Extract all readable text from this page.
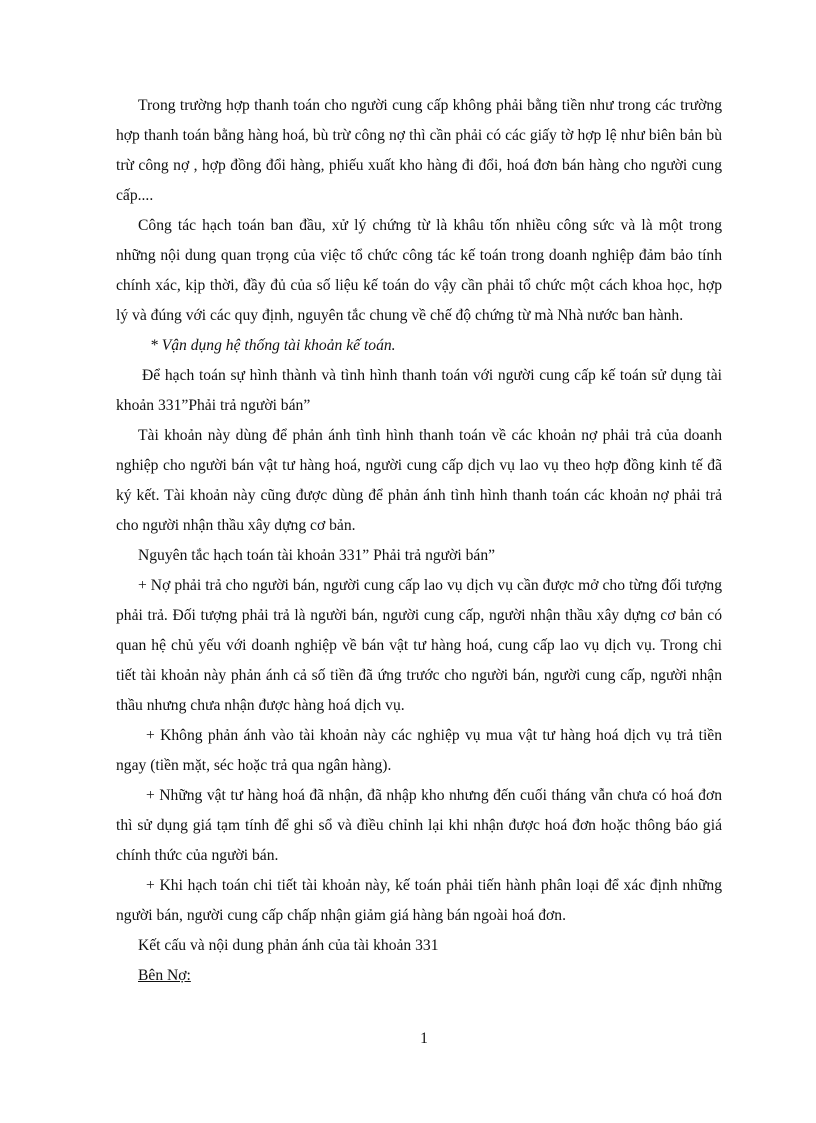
Trong trường hợp thanh toán cho người cung cấp không phải bằng tiền như trong các trường hợp thanh toán bằng hàng hoá, bù trừ công nợ thì cần phải có các giấy tờ hợp lệ như biên bản bù trừ công nợ , hợp đồng đổi hàng, phiếu xuất kho hàng đi đổi, hoá đơn bán hàng cho người cung cấp....

Công tác hạch toán ban đầu, xử lý chứng từ là khâu tốn nhiều công sức và là một trong những nội dung quan trọng của việc tổ chức công tác kế toán trong doanh nghiệp đảm bảo tính chính xác, kịp thời, đầy đủ của số liệu kế toán do vậy cần phải tổ chức một cách khoa học, hợp lý và đúng với các quy định, nguyên tắc chung về chế độ chứng từ mà Nhà nước ban hành.

* Vận dụng hệ thống tài khoản kế toán.

Để hạch toán sự hình thành và tình hình thanh toán với người cung cấp kế toán sử dụng tài khoản 331”Phải trả người bán”

Tài khoản này dùng để phản ánh tình hình thanh toán về các khoản nợ phải trả của doanh nghiệp cho người bán vật tư hàng hoá, người cung cấp dịch vụ lao vụ theo hợp đồng kinh tế đã ký kết. Tài khoản này cũng được dùng để phản ánh tình hình thanh toán các khoản nợ phải trả cho người nhận thầu xây dựng cơ bản.

Nguyên tắc hạch toán tài khoản 331” Phải trả người bán”

+ Nợ phải trả cho người bán, người cung cấp lao vụ dịch vụ cần được mở cho từng đối tượng phải trả. Đối tượng phải trả là người bán, người cung cấp, người nhận thầu xây dựng cơ bản có quan hệ chủ yếu với doanh nghiệp về bán vật tư hàng hoá, cung cấp lao vụ dịch vụ. Trong chi tiết tài khoản này phản ánh cả số tiền đã ứng trước cho người bán, người cung cấp, người nhận thầu nhưng chưa nhận được hàng hoá dịch vụ.

+ Không phản ánh vào tài khoản này các nghiệp vụ mua vật tư hàng hoá dịch vụ trả tiền ngay (tiền mặt, séc hoặc trả qua ngân hàng).

+ Những vật tư hàng hoá đã nhận, đã nhập kho nhưng đến cuối tháng vẫn chưa có hoá đơn thì sử dụng giá tạm tính để ghi sổ và điều chỉnh lại khi nhận được hoá đơn hoặc thông báo giá chính thức của người bán.

+ Khi hạch toán chi tiết tài khoản này, kế toán phải tiến hành phân loại để xác định những người bán, người cung cấp chấp nhận giảm giá hàng bán ngoài hoá đơn.

Kết cấu và nội dung phản ánh của tài khoản 331

Bên Nợ:

1
